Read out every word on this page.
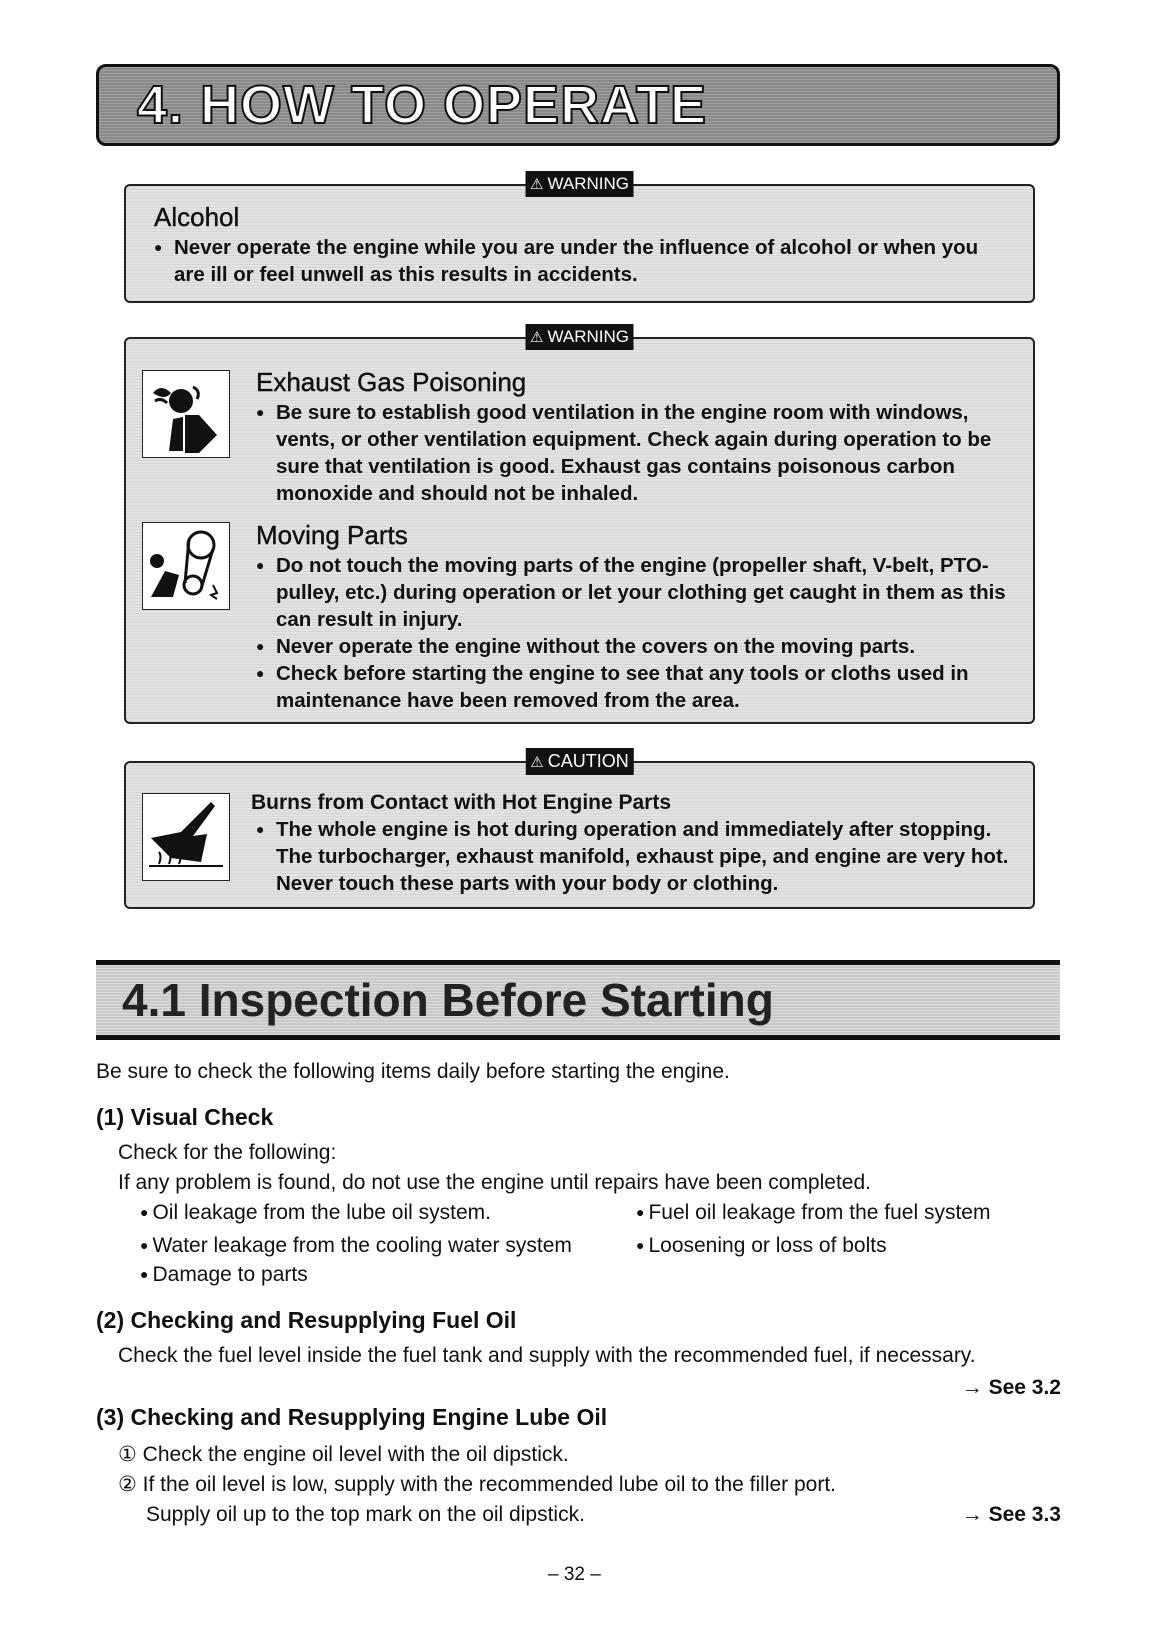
4. HOW TO OPERATE
⚠ WARNING
Alcohol
● Never operate the engine while you are under the influence of alcohol or when you are ill or feel unwell as this results in accidents.
⚠ WARNING
Exhaust Gas Poisoning
● Be sure to establish good ventilation in the engine room with windows, vents, or other ventilation equipment. Check again during operation to be sure that ventilation is good. Exhaust gas contains poisonous carbon monoxide and should not be inhaled.
Moving Parts
● Do not touch the moving parts of the engine (propeller shaft, V-belt, PTO-pulley, etc.) during operation or let your clothing get caught in them as this can result in injury.
● Never operate the engine without the covers on the moving parts.
● Check before starting the engine to see that any tools or cloths used in maintenance have been removed from the area.
⚠ CAUTION
Burns from Contact with Hot Engine Parts
● The whole engine is hot during operation and immediately after stopping. The turbocharger, exhaust manifold, exhaust pipe, and engine are very hot. Never touch these parts with your body or clothing.
4.1 Inspection Before Starting
Be sure to check the following items daily before starting the engine.
(1) Visual Check
Check for the following:
If any problem is found, do not use the engine until repairs have been completed.
● Oil leakage from the lube oil system.	● Fuel oil leakage from the fuel system
● Water leakage from the cooling water system	● Loosening or loss of bolts
● Damage to parts
(2) Checking and Resupplying Fuel Oil
Check the fuel level inside the fuel tank and supply with the recommended fuel, if necessary.
→ See 3.2
(3) Checking and Resupplying Engine Lube Oil
① Check the engine oil level with the oil dipstick.
② If the oil level is low, supply with the recommended lube oil to the filler port.
Supply oil up to the top mark on the oil dipstick.	→ See 3.3
– 32 –
